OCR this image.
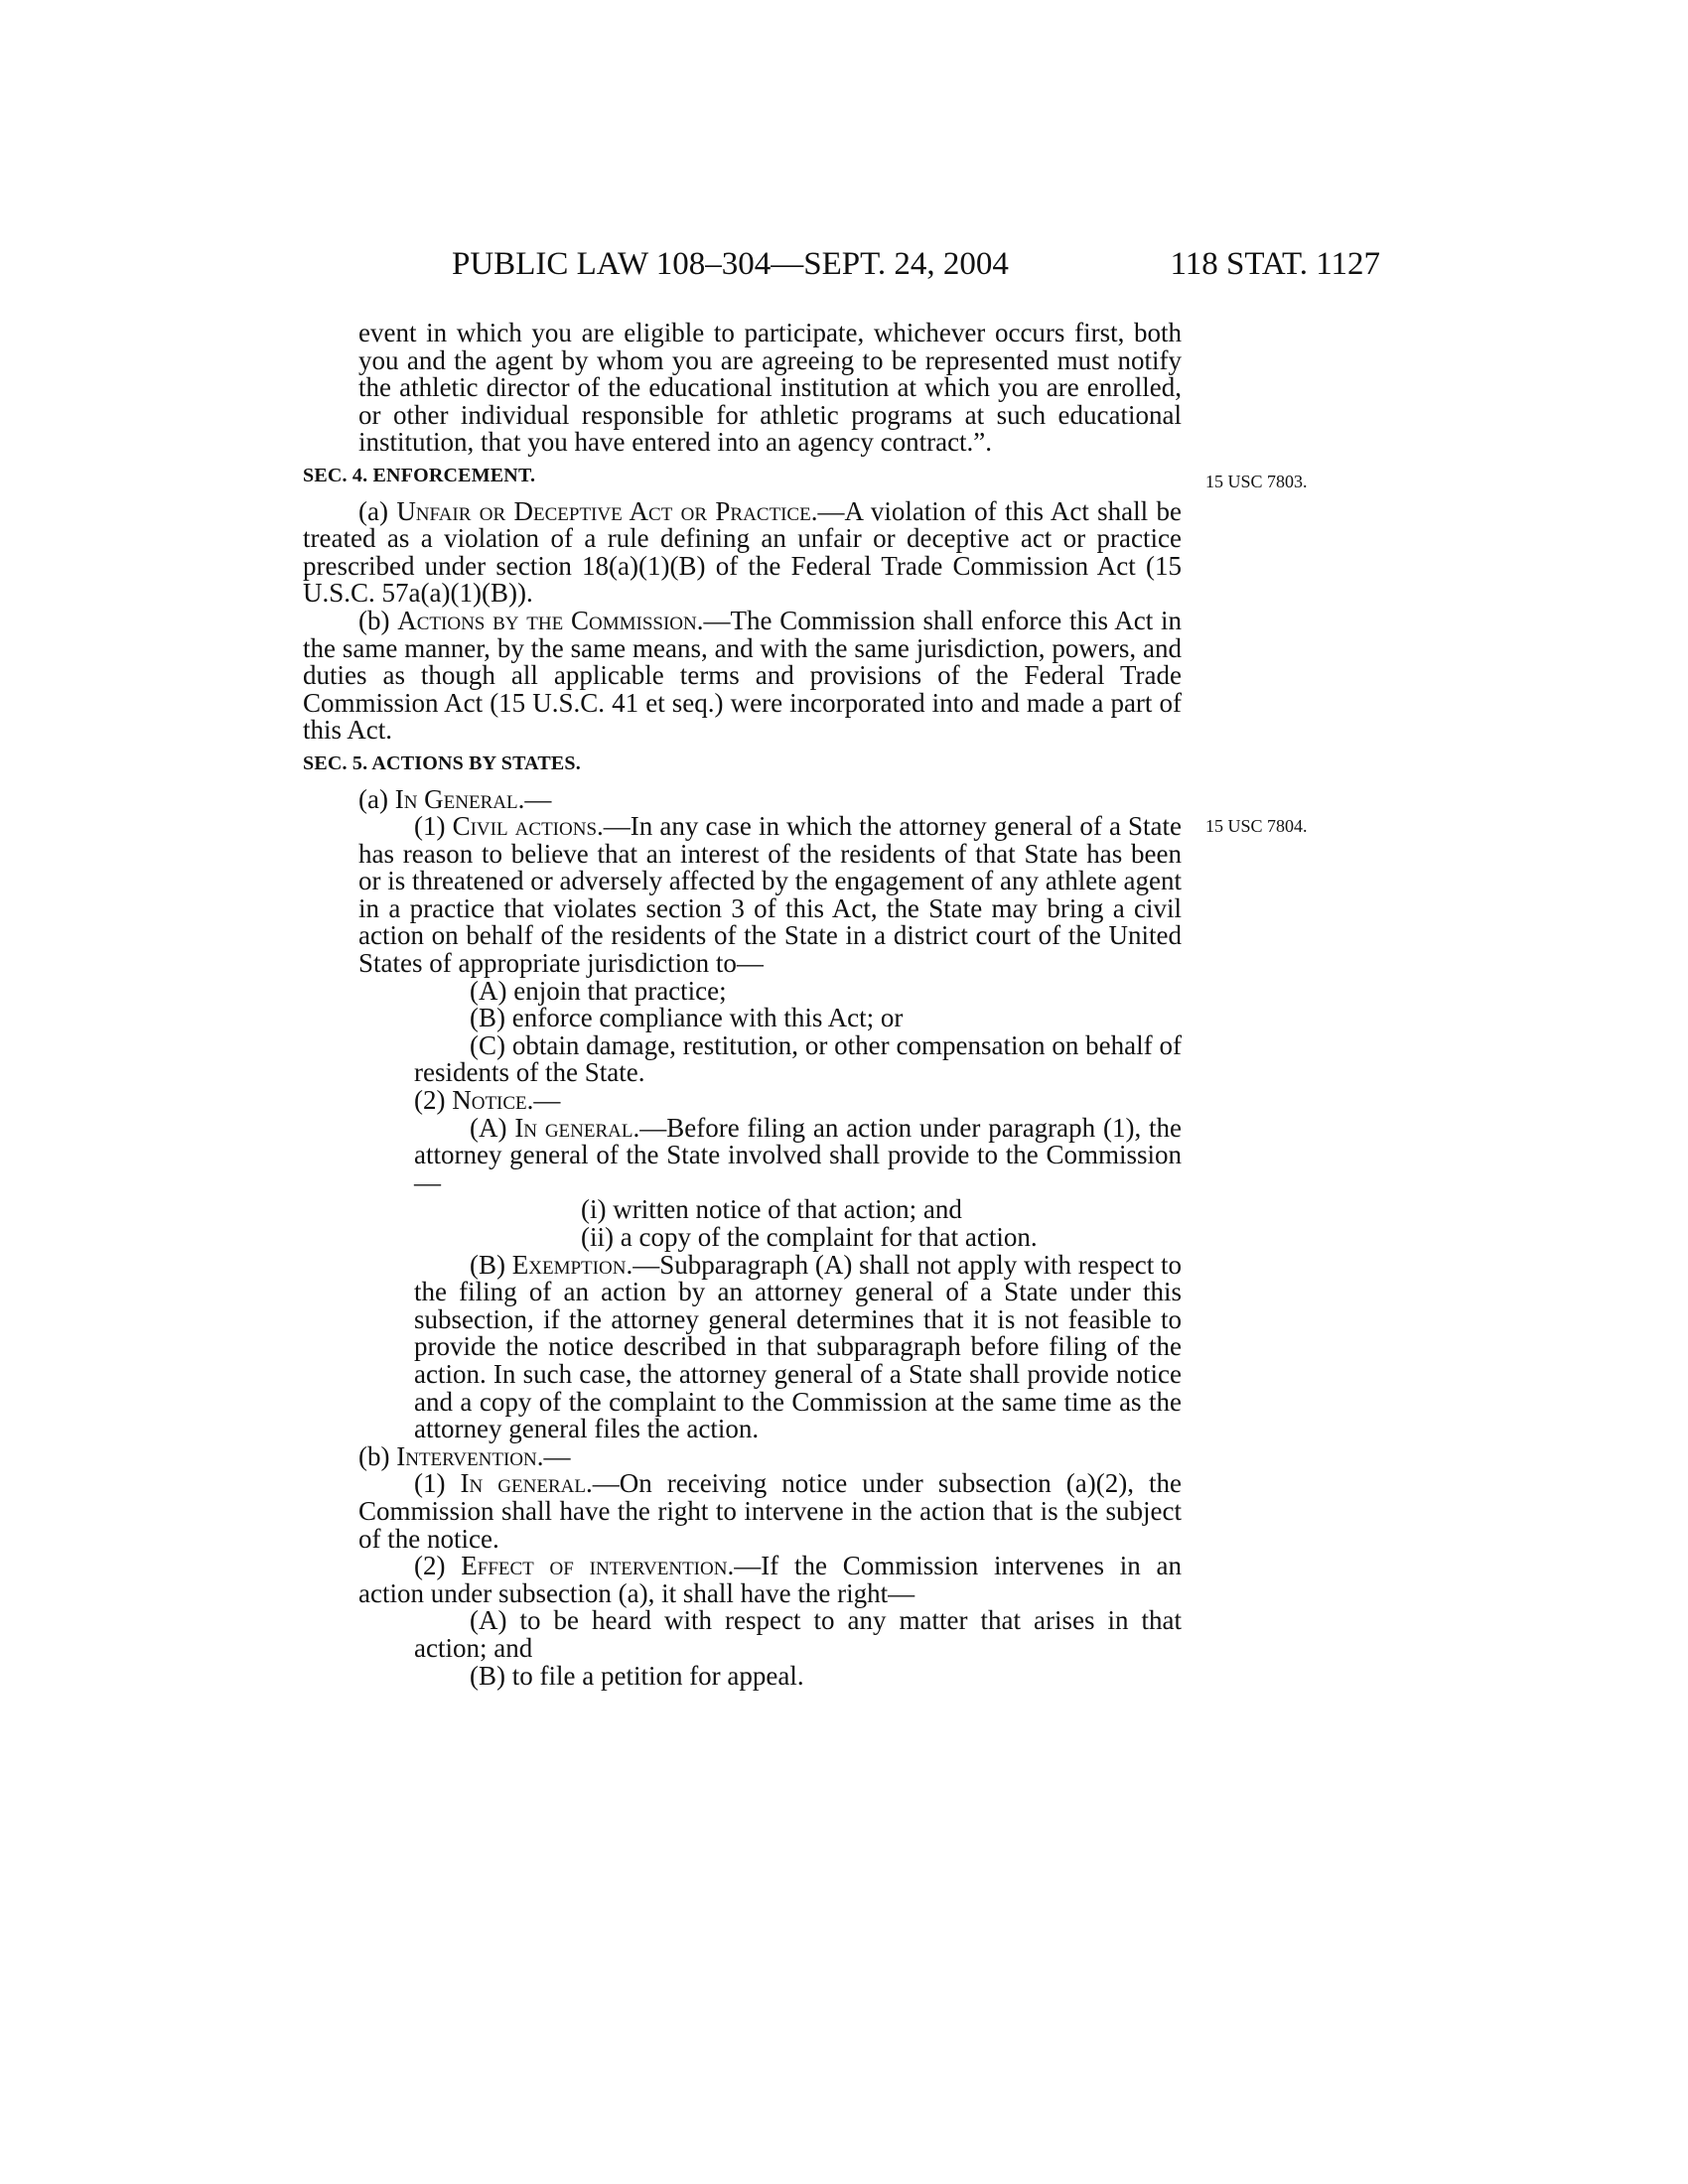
PUBLIC LAW 108–304—SEPT. 24, 2004	118 STAT. 1127
15 USC 7803.
15 USC 7804.

event in which you are eligible to participate, whichever occurs first, both you and the agent by whom you are agreeing to be represented must notify the athletic director of the educational institution at which you are enrolled, or other individual responsible for athletic programs at such educational institution, that you have entered into an agency contract.”.

SEC. 4. ENFORCEMENT.

(a) Unfair or Deceptive Act or Practice.—A violation of this Act shall be treated as a violation of a rule defining an unfair or deceptive act or practice prescribed under section 18(a)(1)(B) of the Federal Trade Commission Act (15 U.S.C. 57a(a)(1)(B)).

(b) Actions by the Commission.—The Commission shall enforce this Act in the same manner, by the same means, and with the same jurisdiction, powers, and duties as though all applicable terms and provisions of the Federal Trade Commission Act (15 U.S.C. 41 et seq.) were incorporated into and made a part of this Act.

SEC. 5. ACTIONS BY STATES.

(a) In General.—

(1) Civil actions.—In any case in which the attorney general of a State has reason to believe that an interest of the residents of that State has been or is threatened or adversely affected by the engagement of any athlete agent in a practice that violates section 3 of this Act, the State may bring a civil action on behalf of the residents of the State in a district court of the United States of appropriate jurisdiction to—

(A) enjoin that practice;

(B) enforce compliance with this Act; or

(C) obtain damage, restitution, or other compensation on behalf of residents of the State.

(2) Notice.—

(A) In general.—Before filing an action under paragraph (1), the attorney general of the State involved shall provide to the Commission—

(i) written notice of that action; and

(ii) a copy of the complaint for that action.

(B) Exemption.—Subparagraph (A) shall not apply with respect to the filing of an action by an attorney general of a State under this subsection, if the attorney general determines that it is not feasible to provide the notice described in that subparagraph before filing of the action. In such case, the attorney general of a State shall provide notice and a copy of the complaint to the Commission at the same time as the attorney general files the action.

(b) Intervention.—

(1) In general.—On receiving notice under subsection (a)(2), the Commission shall have the right to intervene in the action that is the subject of the notice.

(2) Effect of intervention.—If the Commission intervenes in an action under subsection (a), it shall have the right—

(A) to be heard with respect to any matter that arises in that action; and

(B) to file a petition for appeal.
